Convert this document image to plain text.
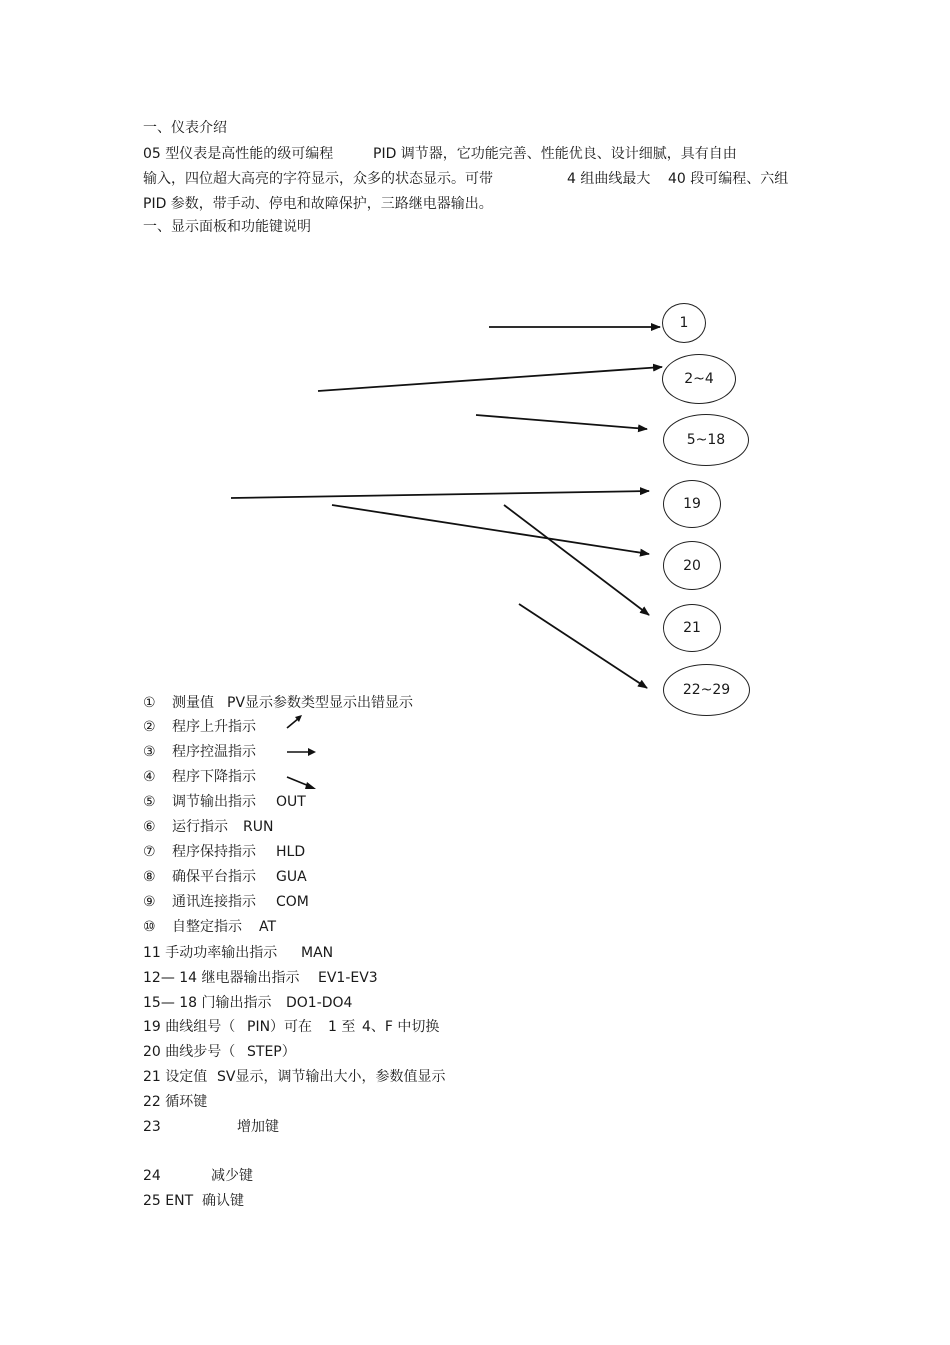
一、仪表介绍
05 型仪表是高性能的级可编程	PID 调节器，它功能完善、性能优良、设计细腻，具有自由
输入，四位超大高亮的字符显示，众多的状态显示。可带	4 组曲线最大 40 段可编程、六组
PID 参数，带手动、停电和故障保护，三路继电器输出。
一、显示面板和功能键说明
1
2~4
5~18
19
20
21
22~29
① 测量值 PV显示参数类型显示出错显示
② 程序上升指示
③ 程序控温指示
④ 程序下降指示
⑤ 调节输出指示 OUT
⑥ 运行指示 RUN
⑦ 程序保持指示 HLD
⑧ 确保平台指示 GUA
⑨ 通讯连接指示 COM
⑩ 自整定指示 AT
11 手动功率输出指示 MAN
12— 14 继电器输出指示 EV1-EV3
15— 18 门输出指示 DO1-DO4
19 曲线组号（ PIN）可在 1 至 4、F 中切换
20 曲线步号（ STEP）
21 设定值 SV显示，调节输出大小，参数值显示
22 循环键
23	增加键
24	减少键
25 ENT 确认键
